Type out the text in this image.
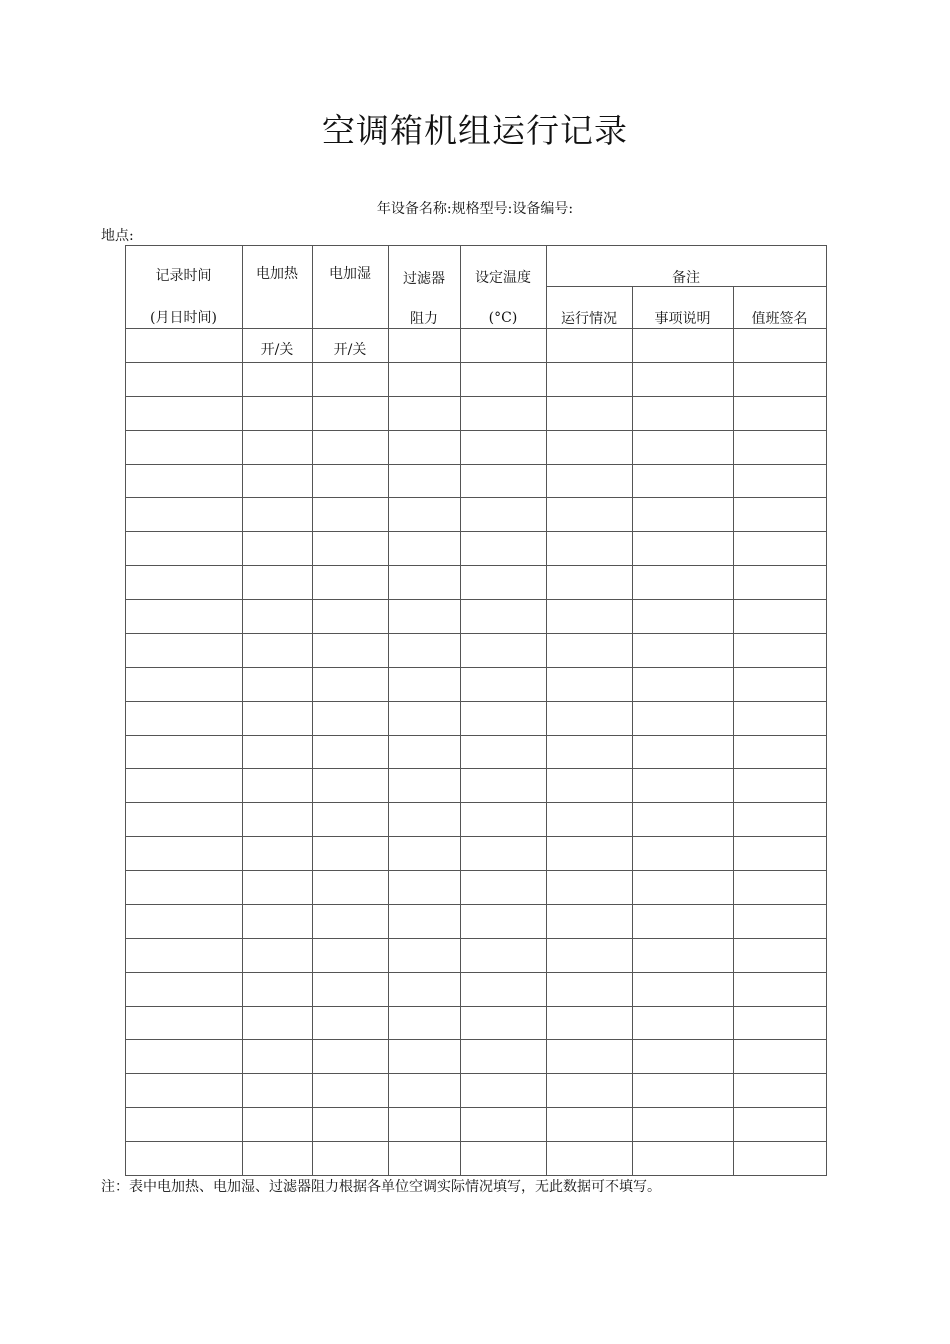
空调箱机组运行记录
年设备名称:规格型号:设备编号:
地点:
记录时间
(月日时间)
电加热
开/关
电加湿
开/关
过滤器
阻力
设定温度
(°C)
备注
运行情况	事项说明	值班签名
注：表中电加热、电加湿、过滤器阻力根据各单位空调实际情况填写，无此数据可不填写。
